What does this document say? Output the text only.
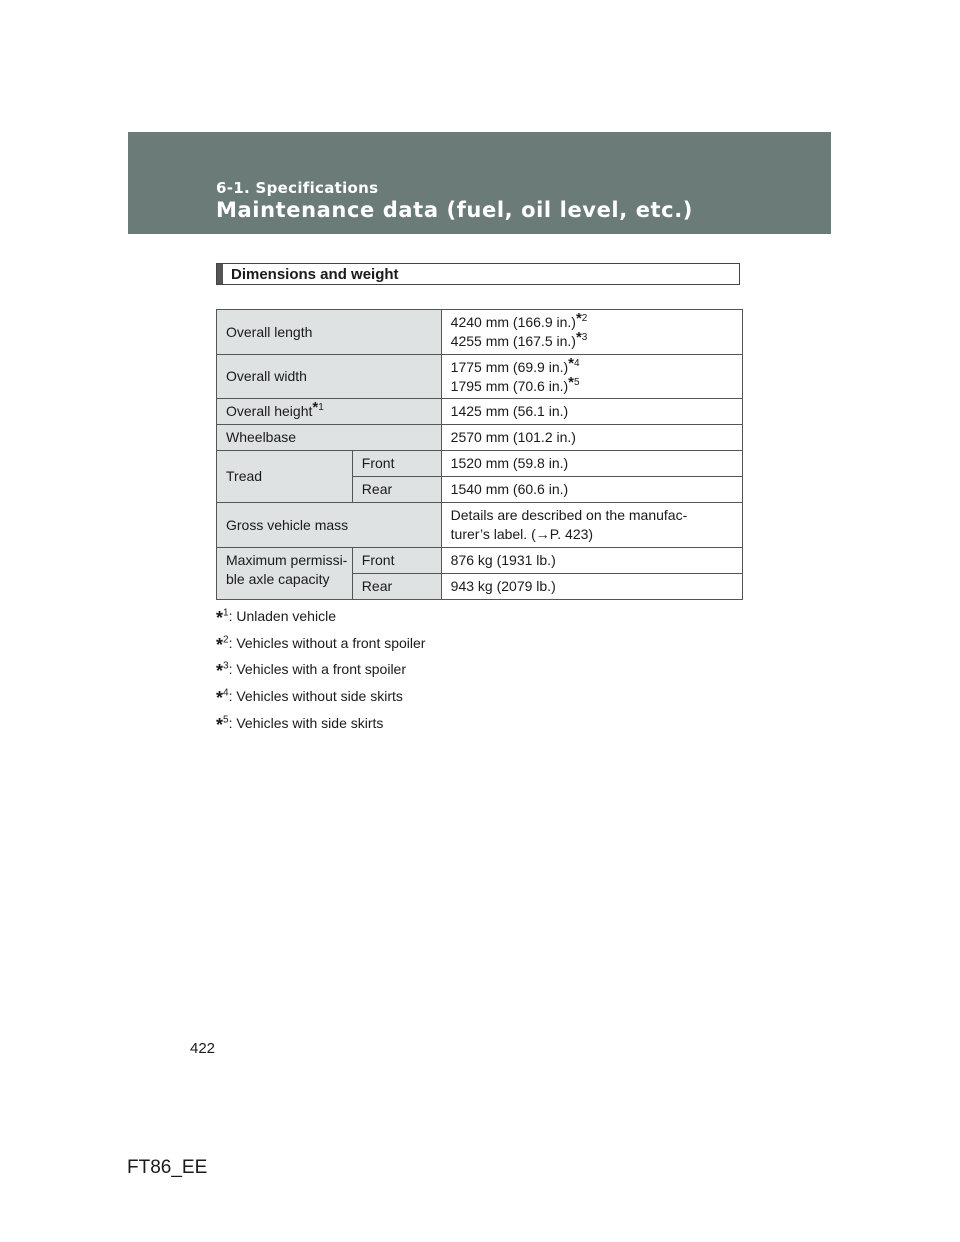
6-1. Specifications
Maintenance data (fuel, oil level, etc.)
Dimensions and weight
Overall length		4240 mm (166.9 in.)$^{*2}$
4255 mm (167.5 in.)$^{*3}$
Overall width		1775 mm (69.9 in.)$^{*4}$
1795 mm (70.6 in.)$^{*5}$
Overall height$^{*1}$		1425 mm (56.1 in.)
Wheelbase		2570 mm (101.2 in.)
Tread	Front	1520 mm (59.8 in.)
	Rear	1540 mm (60.6 in.)
Gross vehicle mass		Details are described on the manufac-
turer’s label. (→P. 423)
Maximum permissi-
ble axle capacity	Front	876 kg (1931 lb.)
	Rear	943 kg (2079 lb.)
*$^1$: Unladen vehicle
*$^2$: Vehicles without a front spoiler
*$^3$: Vehicles with a front spoiler
*$^4$: Vehicles without side skirts
*$^5$: Vehicles with side skirts
422
FT86_EE
